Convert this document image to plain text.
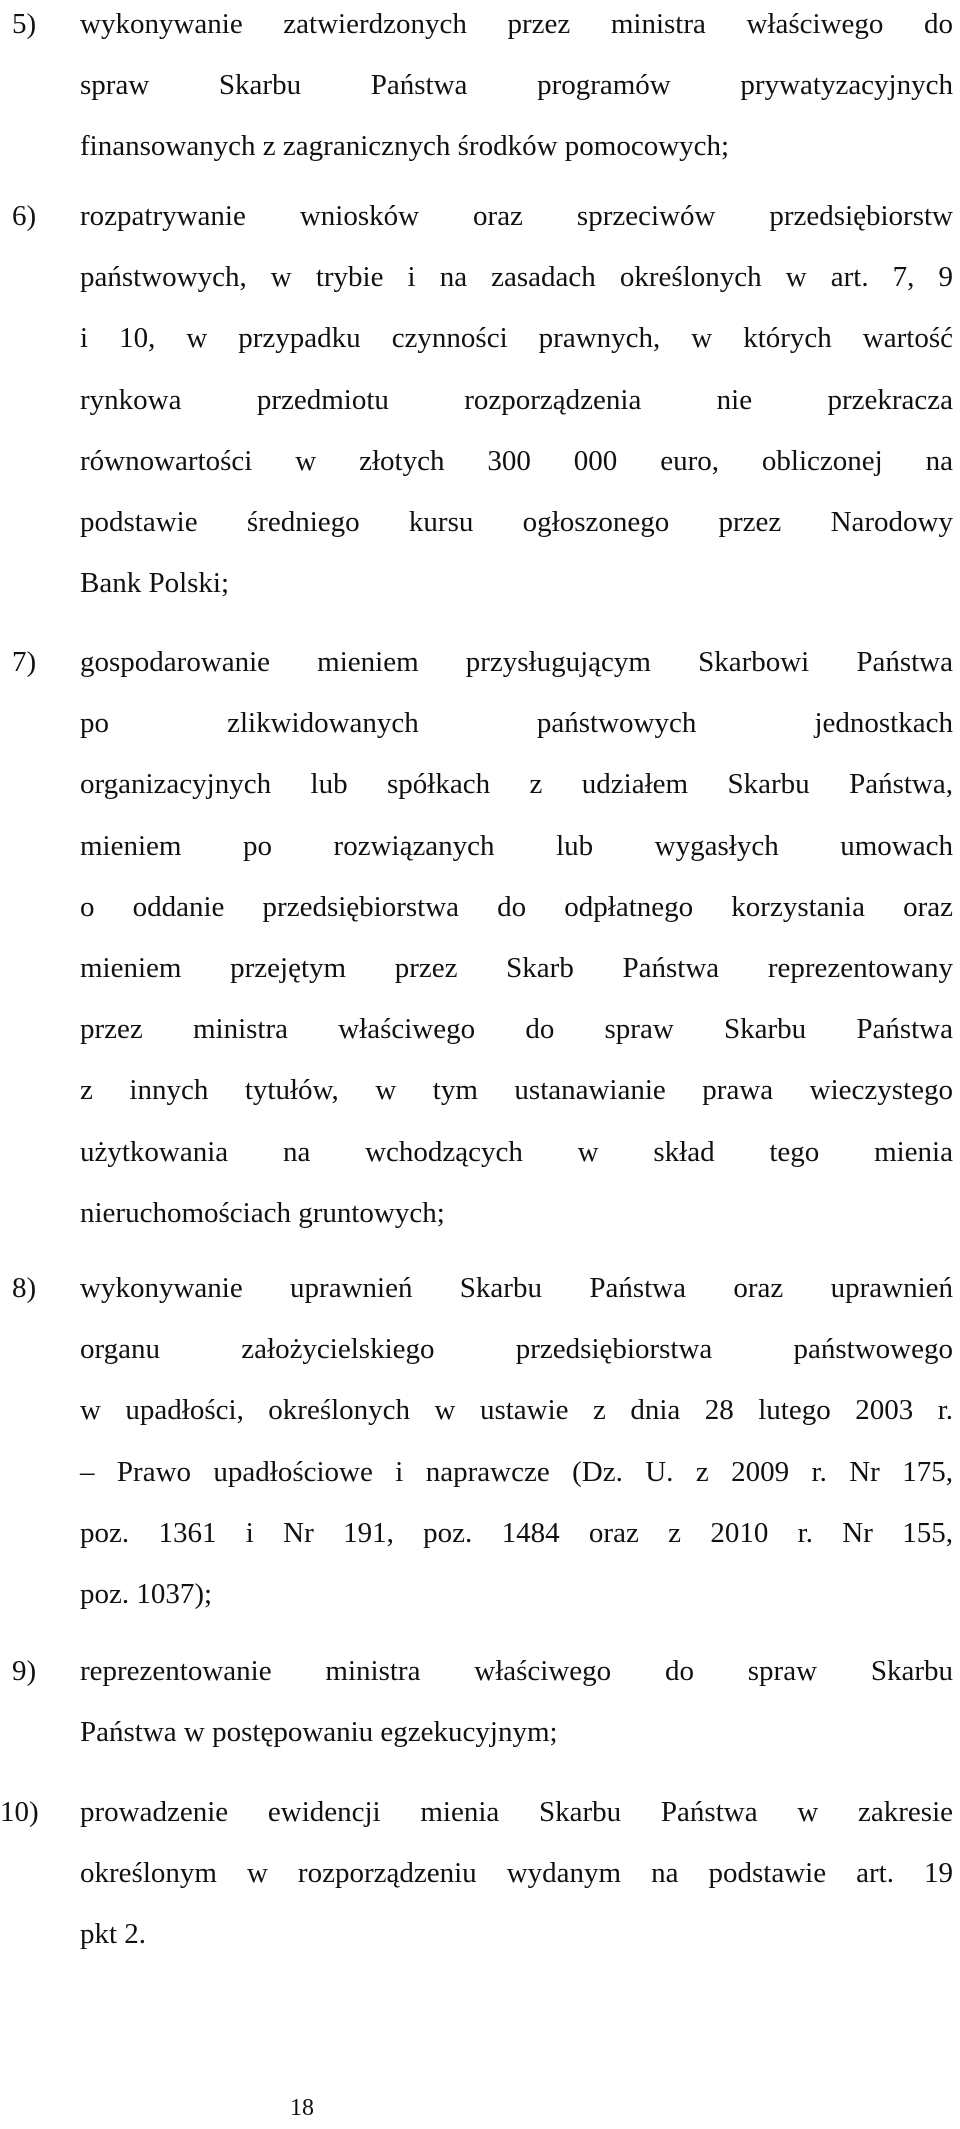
5)	wykonywanie zatwierdzonych przez ministra właściwego do
spraw Skarbu Państwa programów prywatyzacyjnych
finansowanych z zagranicznych środków pomocowych;
6)	rozpatrywanie wniosków oraz sprzeciwów przedsiębiorstw
państwowych, w trybie i na zasadach określonych w art. 7, 9
i 10, w przypadku czynności prawnych, w których wartość
rynkowa przedmiotu rozporządzenia nie przekracza
równowartości w złotych 300 000 euro, obliczonej na
podstawie średniego kursu ogłoszonego przez Narodowy
Bank Polski;
7)	gospodarowanie mieniem przysługującym Skarbowi Państwa
po zlikwidowanych państwowych jednostkach
organizacyjnych lub spółkach z udziałem Skarbu Państwa,
mieniem po rozwiązanych lub wygasłych umowach
o oddanie przedsiębiorstwa do odpłatnego korzystania oraz
mieniem przejętym przez Skarb Państwa reprezentowany
przez ministra właściwego do spraw Skarbu Państwa
z innych tytułów, w tym ustanawianie prawa wieczystego
użytkowania na wchodzących w skład tego mienia
nieruchomościach gruntowych;
8)	wykonywanie uprawnień Skarbu Państwa oraz uprawnień
organu założycielskiego przedsiębiorstwa państwowego
w upadłości, określonych w ustawie z dnia 28 lutego 2003 r.
– Prawo upadłościowe i naprawcze (Dz. U. z 2009 r. Nr 175,
poz. 1361 i Nr 191, poz. 1484 oraz z 2010 r. Nr 155,
poz. 1037);
9)	reprezentowanie ministra właściwego do spraw Skarbu
Państwa w postępowaniu egzekucyjnym;
10)	prowadzenie ewidencji mienia Skarbu Państwa w zakresie
określonym w rozporządzeniu wydanym na podstawie art. 19
pkt 2.
18
